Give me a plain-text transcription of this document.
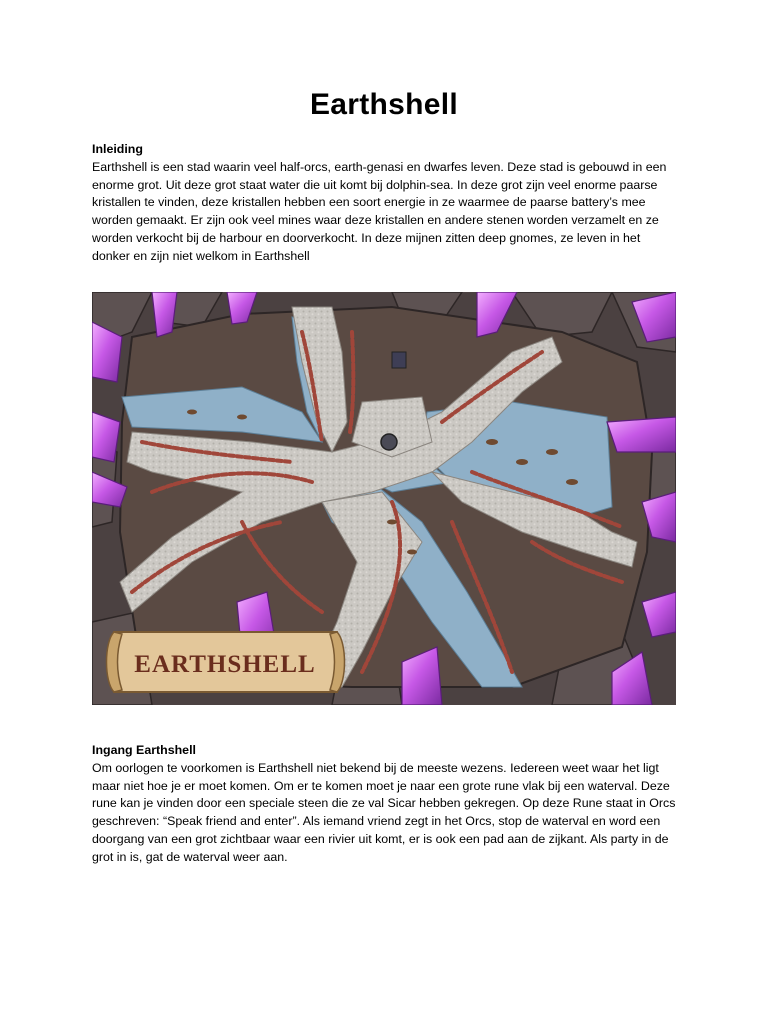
Earthshell
Inleiding
Earthshell is een stad waarin veel half-orcs, earth-genasi en dwarfes leven. Deze stad is gebouwd in een enorme grot. Uit deze grot staat water die uit komt bij dolphin-sea. In deze grot zijn veel enorme paarse kristallen te vinden, deze kristallen hebben een soort energie in ze waarmee de paarse battery’s mee worden gemaakt. Er zijn ook veel mines waar deze kristallen en andere stenen worden verzamelt en ze worden verkocht bij de harbour en doorverkocht. In deze mijnen zitten deep gnomes, ze leven in het donker en zijn niet welkom in Earthshell
EARTHSHELL
Ingang Earthshell
Om oorlogen te voorkomen is Earthshell niet bekend bij de meeste wezens. Iedereen weet waar het ligt maar niet hoe je er moet komen. Om er te komen moet je naar een grote rune vlak bij een waterval. Deze rune kan je vinden door een speciale steen die ze val Sicar hebben gekregen. Op deze Rune staat in Orcs geschreven: “Speak friend and enter”. Als iemand vriend zegt in het Orcs, stop de waterval en word een doorgang van een grot zichtbaar waar een rivier uit komt, er is ook een pad aan de zijkant. Als party in de grot in is, gat de waterval weer aan.
